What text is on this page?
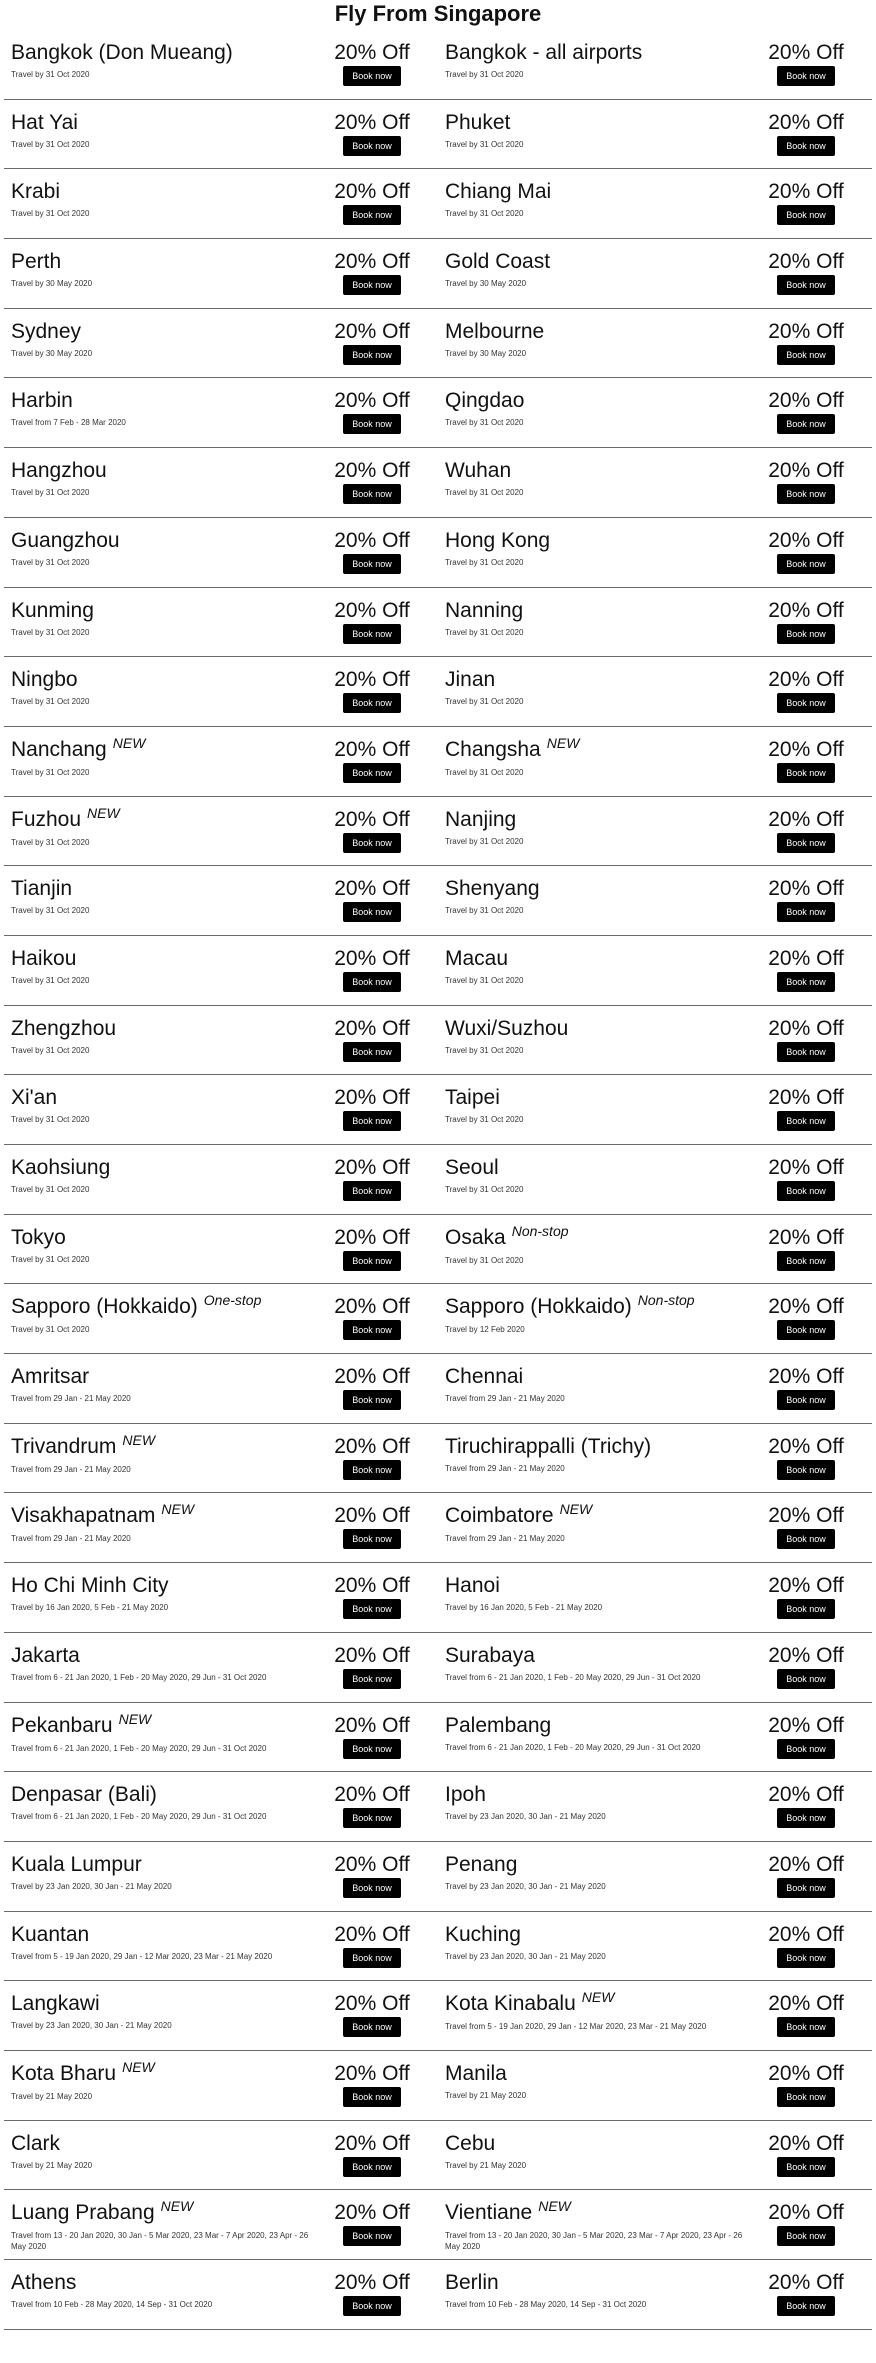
Fly From Singapore
Bangkok (Don Mueang)
Travel by 31 Oct 2020
20% Off
Book now
Bangkok - all airports
Travel by 31 Oct 2020
20% Off
Book now
Hat Yai
Travel by 31 Oct 2020
20% Off
Book now
Phuket
Travel by 31 Oct 2020
20% Off
Book now
Krabi
Travel by 31 Oct 2020
20% Off
Book now
Chiang Mai
Travel by 31 Oct 2020
20% Off
Book now
Perth
Travel by 30 May 2020
20% Off
Book now
Gold Coast
Travel by 30 May 2020
20% Off
Book now
Sydney
Travel by 30 May 2020
20% Off
Book now
Melbourne
Travel by 30 May 2020
20% Off
Book now
Harbin
Travel from 7 Feb - 28 Mar 2020
20% Off
Book now
Qingdao
Travel by 31 Oct 2020
20% Off
Book now
Hangzhou
Travel by 31 Oct 2020
20% Off
Book now
Wuhan
Travel by 31 Oct 2020
20% Off
Book now
Guangzhou
Travel by 31 Oct 2020
20% Off
Book now
Hong Kong
Travel by 31 Oct 2020
20% Off
Book now
Kunming
Travel by 31 Oct 2020
20% Off
Book now
Nanning
Travel by 31 Oct 2020
20% Off
Book now
Ningbo
Travel by 31 Oct 2020
20% Off
Book now
Jinan
Travel by 31 Oct 2020
20% Off
Book now
Nanchang $^{NEW}$
Travel by 31 Oct 2020
20% Off
Book now
Changsha $^{NEW}$
Travel by 31 Oct 2020
20% Off
Book now
Fuzhou $^{NEW}$
Travel by 31 Oct 2020
20% Off
Book now
Nanjing
Travel by 31 Oct 2020
20% Off
Book now
Tianjin
Travel by 31 Oct 2020
20% Off
Book now
Shenyang
Travel by 31 Oct 2020
20% Off
Book now
Haikou
Travel by 31 Oct 2020
20% Off
Book now
Macau
Travel by 31 Oct 2020
20% Off
Book now
Zhengzhou
Travel by 31 Oct 2020
20% Off
Book now
Wuxi/Suzhou
Travel by 31 Oct 2020
20% Off
Book now
Xi'an
Travel by 31 Oct 2020
20% Off
Book now
Taipei
Travel by 31 Oct 2020
20% Off
Book now
Kaohsiung
Travel by 31 Oct 2020
20% Off
Book now
Seoul
Travel by 31 Oct 2020
20% Off
Book now
Tokyo
Travel by 31 Oct 2020
20% Off
Book now
Osaka $^{Non-stop}$
Travel by 31 Oct 2020
20% Off
Book now
Sapporo (Hokkaido) $^{One-stop}$
Travel by 31 Oct 2020
20% Off
Book now
Sapporo (Hokkaido) $^{Non-stop}$
Travel by 12 Feb 2020
20% Off
Book now
Amritsar
Travel from 29 Jan - 21 May 2020
20% Off
Book now
Chennai
Travel from 29 Jan - 21 May 2020
20% Off
Book now
Trivandrum $^{NEW}$
Travel from 29 Jan - 21 May 2020
20% Off
Book now
Tiruchirappalli (Trichy)
Travel from 29 Jan - 21 May 2020
20% Off
Book now
Visakhapatnam $^{NEW}$
Travel from 29 Jan - 21 May 2020
20% Off
Book now
Coimbatore $^{NEW}$
Travel from 29 Jan - 21 May 2020
20% Off
Book now
Ho Chi Minh City
Travel by 16 Jan 2020, 5 Feb - 21 May 2020
20% Off
Book now
Hanoi
Travel by 16 Jan 2020, 5 Feb - 21 May 2020
20% Off
Book now
Jakarta
Travel from 6 - 21 Jan 2020, 1 Feb - 20 May 2020, 29 Jun - 31 Oct 2020
20% Off
Book now
Surabaya
Travel from 6 - 21 Jan 2020, 1 Feb - 20 May 2020, 29 Jun - 31 Oct 2020
20% Off
Book now
Pekanbaru $^{NEW}$
Travel from 6 - 21 Jan 2020, 1 Feb - 20 May 2020, 29 Jun - 31 Oct 2020
20% Off
Book now
Palembang
Travel from 6 - 21 Jan 2020, 1 Feb - 20 May 2020, 29 Jun - 31 Oct 2020
20% Off
Book now
Denpasar (Bali)
Travel from 6 - 21 Jan 2020, 1 Feb - 20 May 2020, 29 Jun - 31 Oct 2020
20% Off
Book now
Ipoh
Travel by 23 Jan 2020, 30 Jan - 21 May 2020
20% Off
Book now
Kuala Lumpur
Travel by 23 Jan 2020, 30 Jan - 21 May 2020
20% Off
Book now
Penang
Travel by 23 Jan 2020, 30 Jan - 21 May 2020
20% Off
Book now
Kuantan
Travel from 5 - 19 Jan 2020, 29 Jan - 12 Mar 2020, 23 Mar - 21 May 2020
20% Off
Book now
Kuching
Travel by 23 Jan 2020, 30 Jan - 21 May 2020
20% Off
Book now
Langkawi
Travel by 23 Jan 2020, 30 Jan - 21 May 2020
20% Off
Book now
Kota Kinabalu $^{NEW}$
Travel from 5 - 19 Jan 2020, 29 Jan - 12 Mar 2020, 23 Mar - 21 May 2020
20% Off
Book now
Kota Bharu $^{NEW}$
Travel by 21 May 2020
20% Off
Book now
Manila
Travel by 21 May 2020
20% Off
Book now
Clark
Travel by 21 May 2020
20% Off
Book now
Cebu
Travel by 21 May 2020
20% Off
Book now
Luang Prabang $^{NEW}$
Travel from 13 - 20 Jan 2020, 30 Jan - 5 Mar 2020, 23 Mar - 7 Apr 2020, 23 Apr - 26 May 2020
20% Off
Book now
Vientiane $^{NEW}$
Travel from 13 - 20 Jan 2020, 30 Jan - 5 Mar 2020, 23 Mar - 7 Apr 2020, 23 Apr - 26 May 2020
20% Off
Book now
Athens
Travel from 10 Feb - 28 May 2020, 14 Sep - 31 Oct 2020
20% Off
Book now
Berlin
Travel from 10 Feb - 28 May 2020, 14 Sep - 31 Oct 2020
20% Off
Book now
